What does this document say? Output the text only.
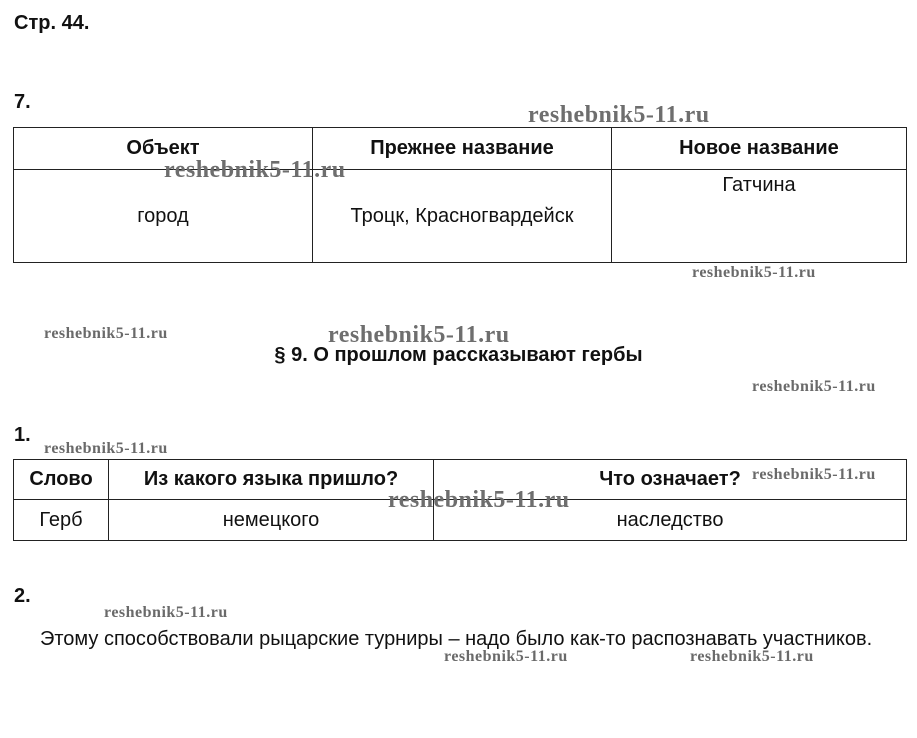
Стр. 44.
7.
Объект	Прежнее название	Новое название
город	Троцк, Красногвардейск	Гатчина
§ 9. О прошлом рассказывают гербы
1.
Слово	Из какого языка пришло?	Что означает?
Герб	немецкого	наследство
2.
Этому способствовали рыцарские турниры – надо было как-то распознавать участников.
reshebnik5-11.ru
reshebnik5-11.ru
reshebnik5-11.ru
reshebnik5-11.ru	reshebnik5-11.ru
reshebnik5-11.ru
reshebnik5-11.ru
reshebnik5-11.ru
reshebnik5-11.ru
reshebnik5-11.ru
reshebnik5-11.ru	reshebnik5-11.ru
